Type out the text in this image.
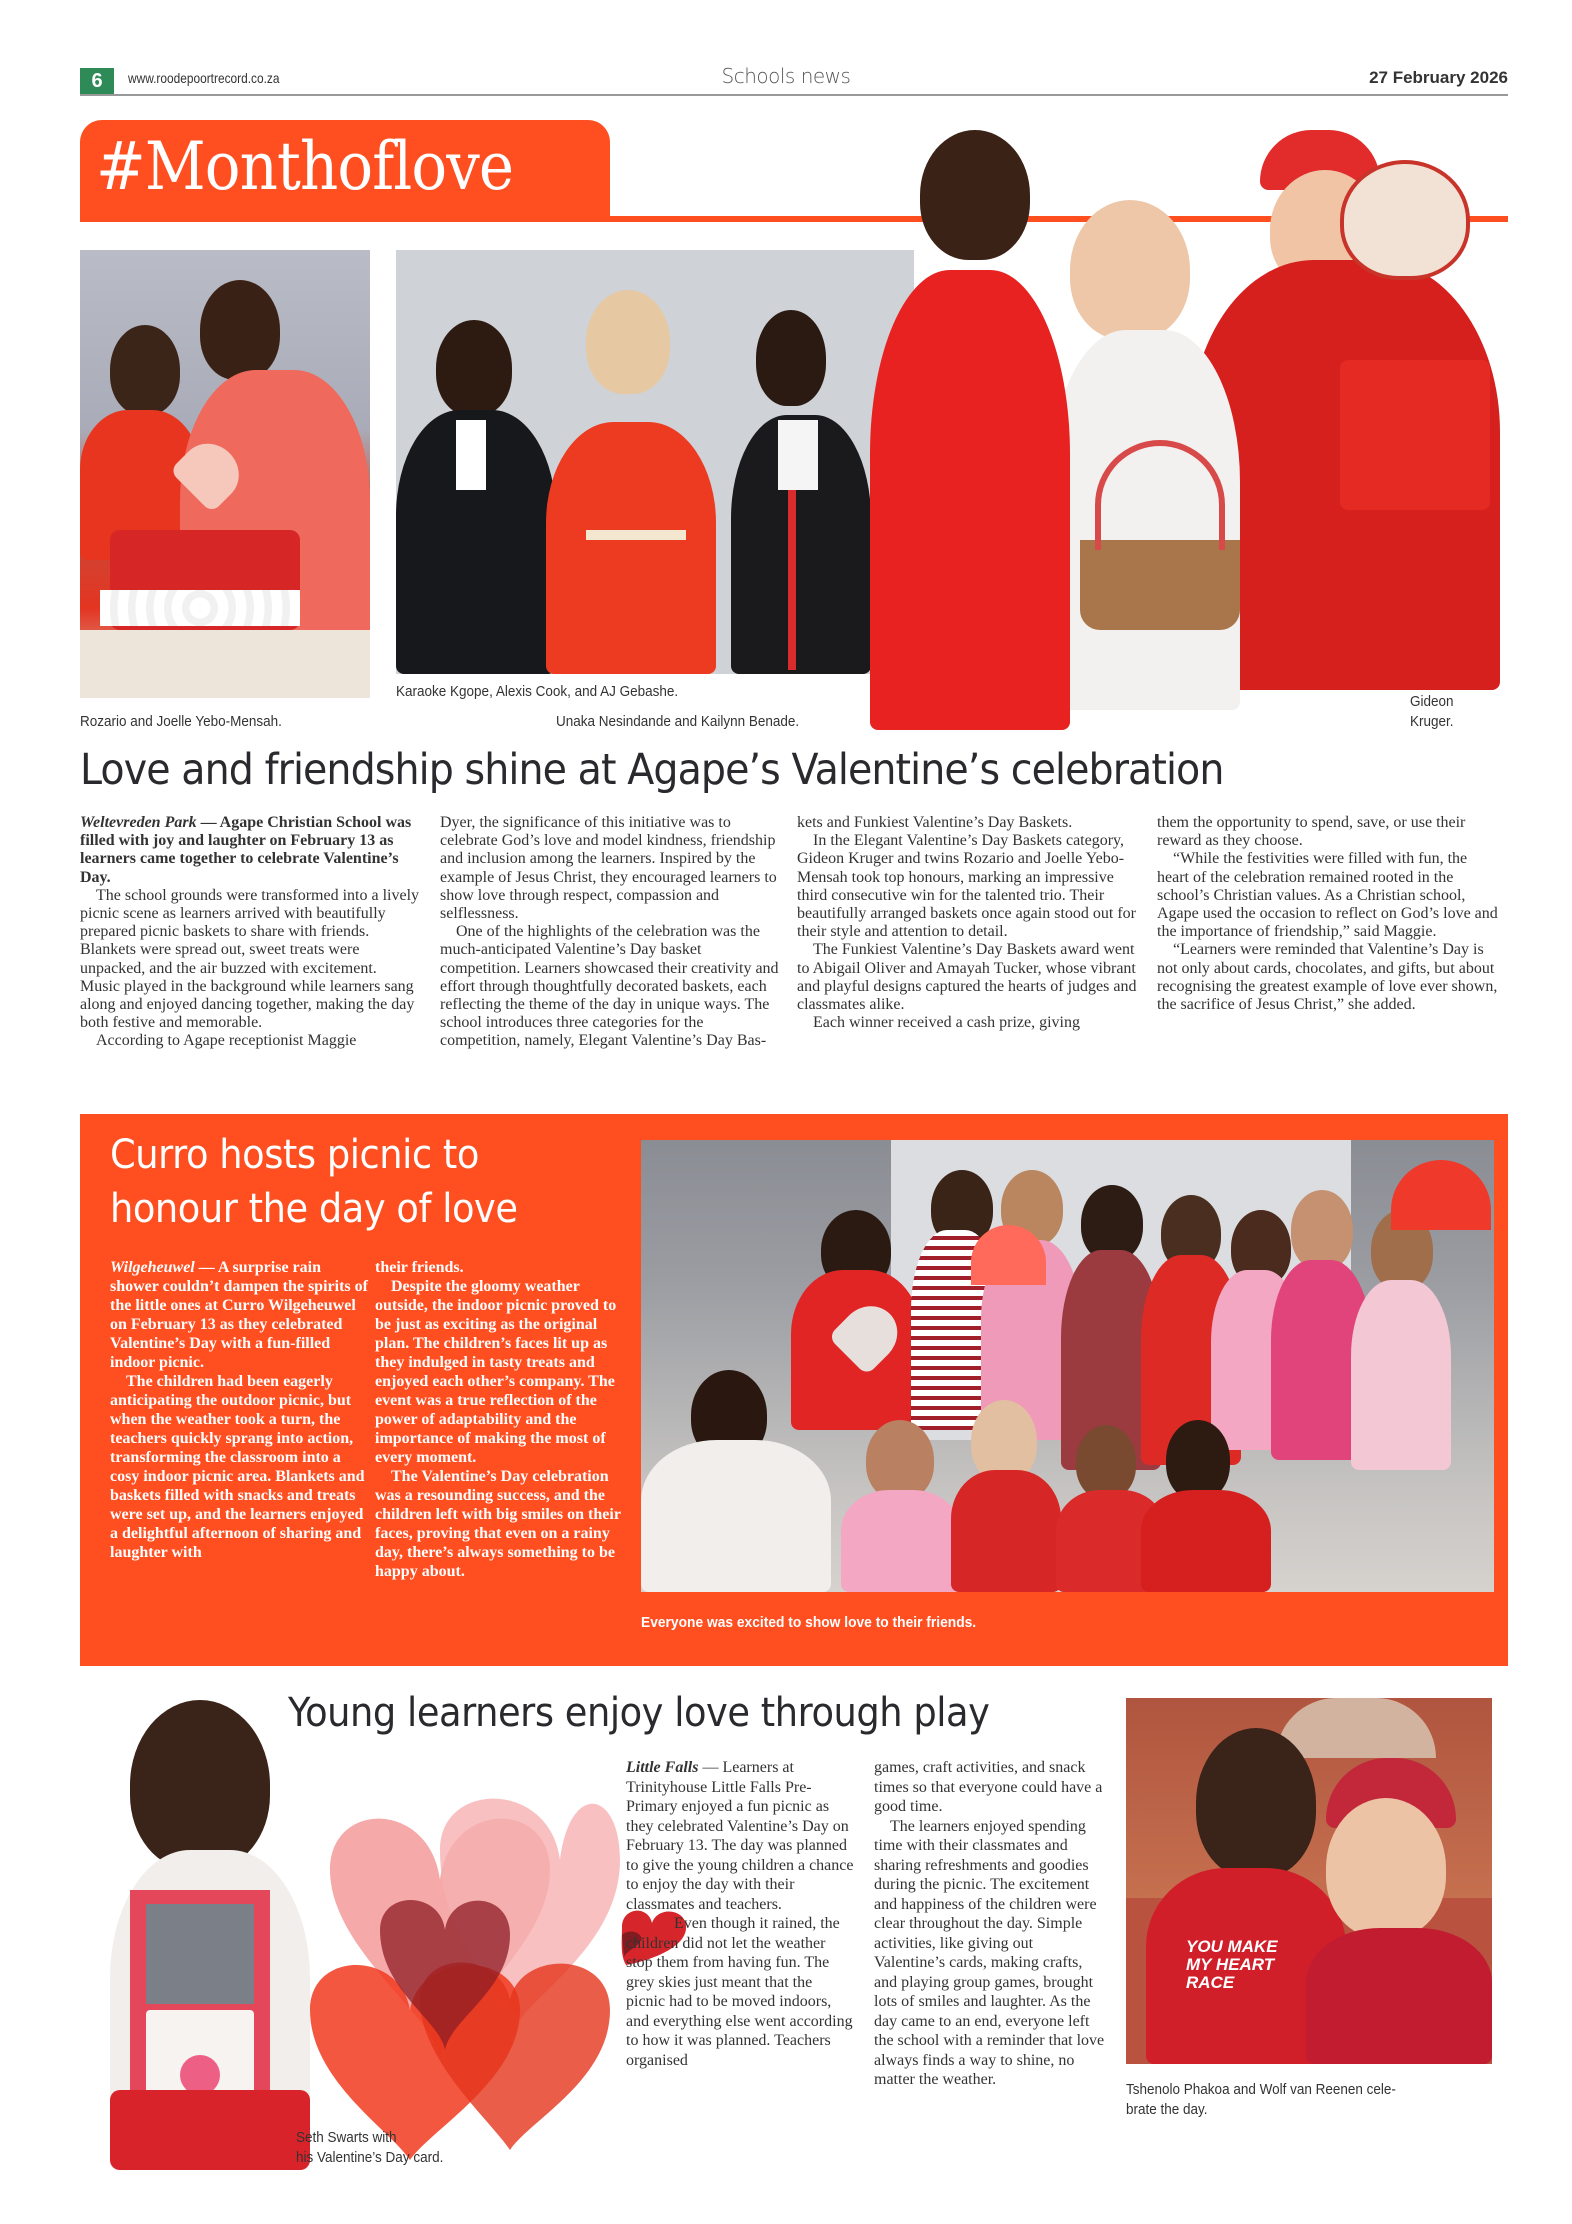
6	www.roodepoortrecord.co.za	Schools news	27 February 2026
#Monthoflove
Rozario and Joelle Yebo-Mensah.
Karaoke Kgope, Alexis Cook, and AJ Gebashe.
Unaka Nesindande and Kailynn Benade.
Gideon
Kruger.
Love and friendship shine at Agape’s Valentine’s celebration

Weltevreden Park — Agape Christian School was filled with joy and laughter on February 13 as learners came together to celebrate Valentine’s Day.

The school grounds were transformed into a lively picnic scene as learners arrived with beautifully prepared picnic baskets to share with friends. Blankets were spread out, sweet treats were unpacked, and the air buzzed with excitement. Music played in the background while learners sang along and enjoyed dancing together, making the day both festive and memorable.

According to Agape receptionist Maggie

Dyer, the significance of this initiative was to celebrate God’s love and model kindness, friendship and inclusion among the learners. Inspired by the example of Jesus Christ, they encouraged learners to show love through respect, compassion and selflessness.

One of the highlights of the celebration was the much-anticipated Valentine’s Day basket competition. Learners showcased their creativity and effort through thoughtfully decorated baskets, each reflecting the theme of the day in unique ways. The school introduces three categories for the competition, namely, Elegant Valentine’s Day Bas-

kets and Funkiest Valentine’s Day Baskets.

In the Elegant Valentine’s Day Baskets category, Gideon Kruger and twins Rozario and Joelle Yebo-Mensah took top honours, marking an impressive third consecutive win for the talented trio. Their beautifully arranged baskets once again stood out for their style and attention to detail.

The Funkiest Valentine’s Day Baskets award went to Abigail Oliver and Amayah Tucker, whose vibrant and playful designs captured the hearts of judges and classmates alike.

Each winner received a cash prize, giving

them the opportunity to spend, save, or use their reward as they choose.

“While the festivities were filled with fun, the heart of the celebration remained rooted in the school’s Christian values. As a Christian school, Agape used the occasion to reflect on God’s love and the importance of friendship,” said Maggie.

“Learners were reminded that Valentine’s Day is not only about cards, chocolates, and gifts, but about recognising the greatest example of love ever shown, the sacrifice of Jesus Christ,” she added.

Curro hosts picnic to
honour the day of love

Wilgeheuwel — A surprise rain shower couldn’t dampen the spirits of the little ones at Curro Wilgeheuwel on February 13 as they celebrated Valentine’s Day with a fun-filled indoor picnic.

The children had been eagerly anticipating the outdoor picnic, but when the weather took a turn, the teachers quickly sprang into action, transforming the classroom into a cosy indoor picnic area. Blankets and baskets filled with snacks and treats were set up, and the learners enjoyed a delightful afternoon of sharing and laughter with

their friends.

Despite the gloomy weather outside, the indoor picnic proved to be just as exciting as the original plan. The children’s faces lit up as they indulged in tasty treats and enjoyed each other’s company. The event was a true reflection of the power of adaptability and the importance of making the most of every moment.

The Valentine’s Day celebration was a resounding success, and the children left with big smiles on their faces, proving that even on a rainy day, there’s always something to be happy about.

Everyone was excited to show love to their friends.
Young learners enjoy love through play
Seth Swarts with
his Valentine’s Day card.

Little Falls — Learners at Trinityhouse Little Falls Pre-Primary enjoyed a fun picnic as they celebrated Valentine’s Day on February 13. The day was planned to give the young children a chance to enjoy the day with their classmates and teachers.

Even though it rained, the children did not let the weather stop them from having fun. The grey skies just meant that the picnic had to be moved indoors, and everything else went according to how it was planned. Teachers organised

games, craft activities, and snack times so that everyone could have a good time.

The learners enjoyed spending time with their classmates and sharing refreshments and goodies during the picnic. The excitement and happiness of the children were clear throughout the day. Simple activities, like giving out Valentine’s cards, making crafts, and playing group games, brought lots of smiles and laughter. As the day came to an end, everyone left the school with a reminder that love always finds a way to shine, no matter the weather.

YOU MAKE MY HEART RACE
Tshenolo Phakoa and Wolf van Reenen cele-
brate the day.
